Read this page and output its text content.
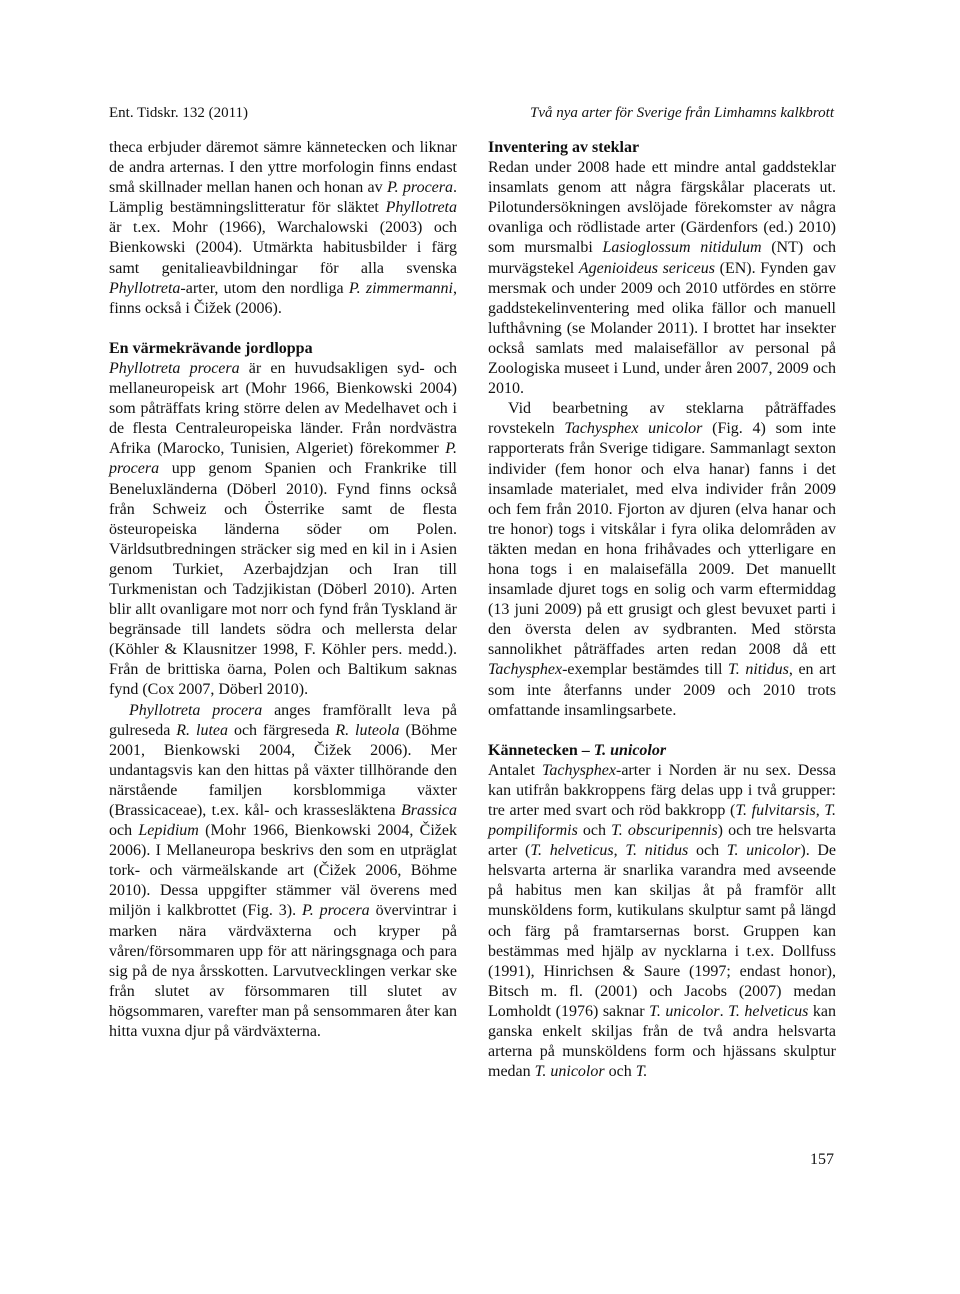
Ent. Tidskr. 132 (2011)	Två nya arter för Sverige från Limhamns kalkbrott

theca erbjuder däremot sämre kännetecken och liknar de andra arternas. I den yttre morfologin finns endast små skillnader mellan hanen och honan av P. procera. Lämplig bestämningslitteratur för släktet Phyllotreta är t.ex. Mohr (1966), Warchalowski (2003) och Bienkowski (2004). Utmärkta habitusbilder i färg samt genitalieavbildningar för alla svenska Phyllotreta-arter, utom den nordliga P. zimmermanni, finns också i Čižek (2006).

En värmekrävande jordloppa

Phyllotreta procera är en huvudsakligen syd- och mellaneuropeisk art (Mohr 1966, Bienkowski 2004) som påträffats kring större delen av Medelhavet och i de flesta Centraleuropeiska länder. Från nordvästra Afrika (Marocko, Tunisien, Algeriet) förekommer P. procera upp genom Spanien och Frankrike till Beneluxländerna (Döberl 2010). Fynd finns också från Schweiz och Österrike samt de flesta östeuropeiska länderna söder om Polen. Världsutbredningen sträcker sig med en kil in i Asien genom Turkiet, Azerbajdzjan och Iran till Turkmenistan och Tadzjikistan (Döberl 2010). Arten blir allt ovanligare mot norr och fynd från Tyskland är begränsade till landets södra och mellersta delar (Köhler & Klausnitzer 1998, F. Köhler pers. medd.). Från de brittiska öarna, Polen och Baltikum saknas fynd (Cox 2007, Döberl 2010).

Phyllotreta procera anges framförallt leva på gulreseda R. lutea och färgreseda R. luteola (Böhme 2001, Bienkowski 2004, Čižek 2006). Mer undantagsvis kan den hittas på växter tillhörande den närstående familjen korsblommiga växter (Brassicaceae), t.ex. kål- och krassesläktena Brassica och Lepidium (Mohr 1966, Bienkowski 2004, Čižek 2006). I Mellaneuropa beskrivs den som en utpräglat tork- och värmeälskande art (Čižek 2006, Böhme 2010). Dessa uppgifter stämmer väl överens med miljön i kalkbrottet (Fig. 3). P. procera övervintrar i marken nära värdväxterna och kryper på våren/försommaren upp för att näringsgnaga och para sig på de nya årsskotten. Larvutvecklingen verkar ske från slutet av försommaren till slutet av högsommaren, varefter man på sensommaren åter kan hitta vuxna djur på värdväxterna.

Inventering av steklar

Redan under 2008 hade ett mindre antal gaddsteklar insamlats genom att några färgskålar placerats ut. Pilotundersökningen avslöjade förekomster av några ovanliga och rödlistade arter (Gärdenfors (ed.) 2010) som mursmalbi Lasioglossum nitidulum (NT) och murvägstekel Agenioideus sericeus (EN). Fynden gav mersmak och under 2009 och 2010 utfördes en större gaddstekelinventering med olika fällor och manuell lufthåvning (se Molander 2011). I brottet har insekter också samlats med malaisefällor av personal på Zoologiska museet i Lund, under åren 2007, 2009 och 2010.

Vid bearbetning av steklarna påträffades rovstekeln Tachysphex unicolor (Fig. 4) som inte rapporterats från Sverige tidigare. Sammanlagt sexton individer (fem honor och elva hanar) fanns i det insamlade materialet, med elva individer från 2009 och fem från 2010. Fjorton av djuren (elva hanar och tre honor) togs i vitskålar i fyra olika delområden av täkten medan en hona frihåvades och ytterligare en hona togs i en malaisefälla 2009. Det manuellt insamlade djuret togs en solig och varm eftermiddag (13 juni 2009) på ett grusigt och glest bevuxet parti i den översta delen av sydbranten. Med största sannolikhet påträffades arten redan 2008 då ett Tachysphex-exemplar bestämdes till T. nitidus, en art som inte återfanns under 2009 och 2010 trots omfattande insamlingsarbete.

Kännetecken – T. unicolor

Antalet Tachysphex-arter i Norden är nu sex. Dessa kan utifrån bakkroppens färg delas upp i två grupper: tre arter med svart och röd bakkropp (T. fulvitarsis, T. pompiliformis och T. obscuripennis) och tre helsvarta arter (T. helveticus, T. nitidus och T. unicolor). De helsvarta arterna är snarlika varandra med avseende på habitus men kan skiljas åt på framför allt munsköldens form, kutikulans skulptur samt på längd och färg på framtarsernas borst. Gruppen kan bestämmas med hjälp av nycklarna i t.ex. Dollfuss (1991), Hinrichsen & Saure (1997; endast honor), Bitsch m. fl. (2001) och Jacobs (2007) medan Lomholdt (1976) saknar T. unicolor. T. helveticus kan ganska enkelt skiljas från de två andra helsvarta arterna på munsköldens form och hjässans skulptur medan T. unicolor och T.

157
